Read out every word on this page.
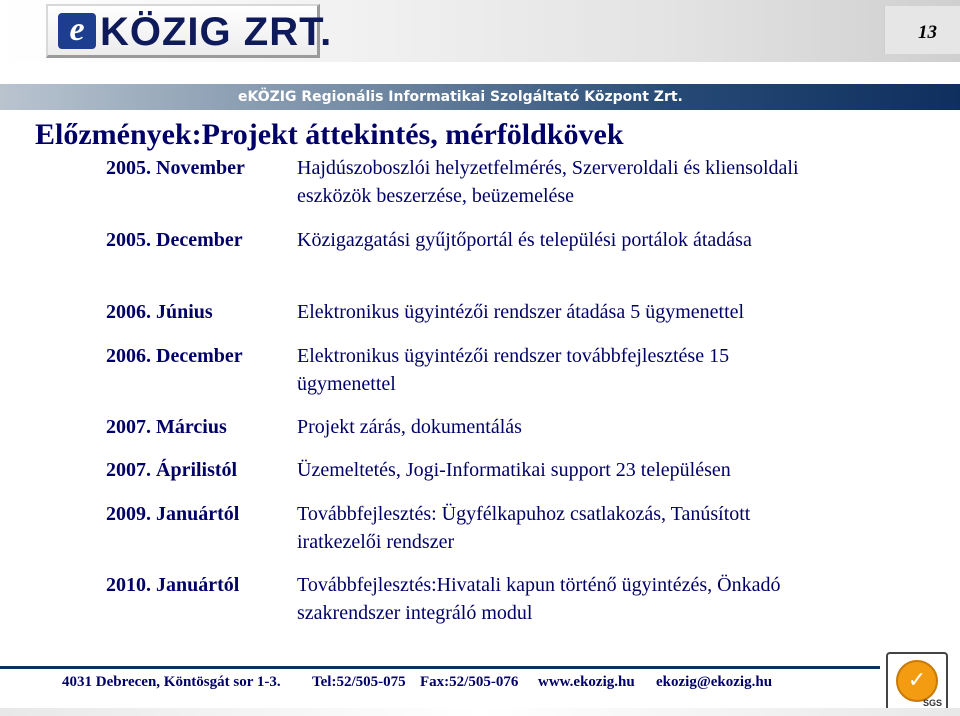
e KÖZIG ZRT.	13
eKÖZIG Regionális Informatikai Szolgáltató Központ Zrt.
Előzmények:Projekt áttekintés, mérföldkövek
2005. November	Hajdúszoboszlói helyzetfelmérés, Szerveroldali és kliensoldali eszközök beszerzése, beüzemelése
2005. December	Közigazgatási gyűjtőportál és települési portálok átadása
2006. Június	Elektronikus ügyintézői rendszer átadása 5 ügymenettel
2006. December	Elektronikus ügyintézői rendszer továbbfejlesztése 15 ügymenettel
2007. Március	Projekt zárás, dokumentálás
2007. Áprilistól	Üzemeltetés, Jogi-Informatikai support 23 településen
2009. Januártól	Továbbfejlesztés: Ügyfélkapuhoz csatlakozás, Tanúsított iratkezelői rendszer
2010. Januártól	Továbbfejlesztés:Hivatali kapun történő ügyintézés, Önkadó szakrendszer integráló modul
4031 Debrecen, Köntösgát sor 1-3. Tel:52/505-075 Fax:52/505-076 www.ekozig.hu ekozig@ekozig.hu	✓
SGS
